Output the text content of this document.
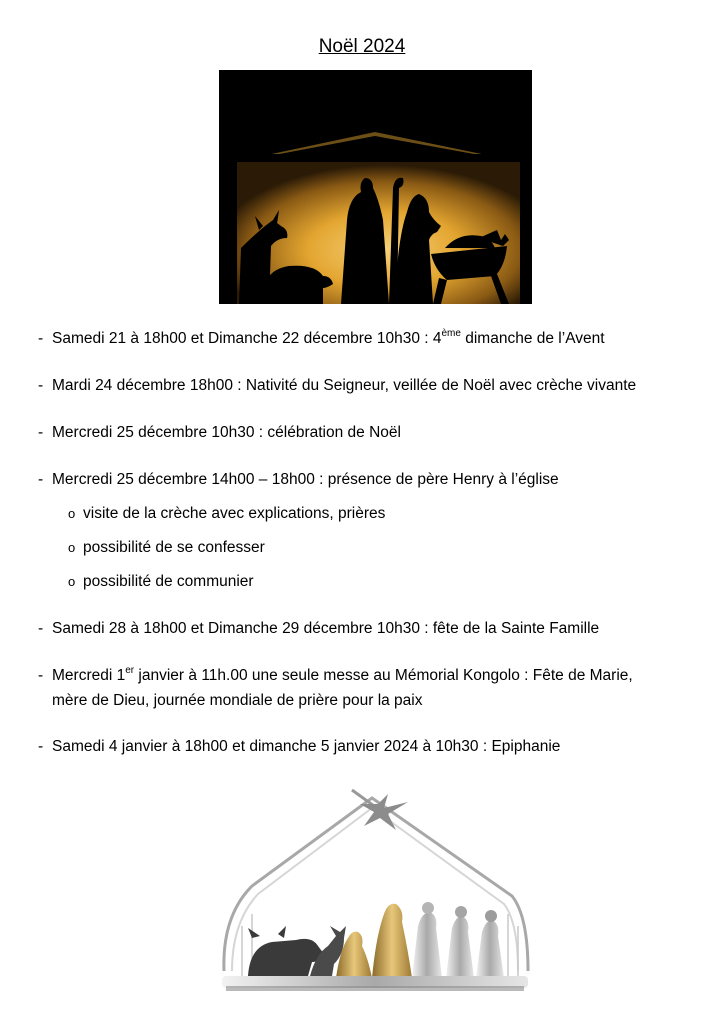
Noël 2024
- Samedi 21 à 18h00 et Dimanche 22 décembre 10h30 : 4ème dimanche de l’Avent
- Mardi 24 décembre 18h00 : Nativité du Seigneur, veillée de Noël avec crèche vivante
- Mercredi 25 décembre 10h30 : célébration de Noël
- Mercredi 25 décembre 14h00 – 18h00 : présence de père Henry à l’église
o visite de la crèche avec explications, prières
o possibilité de se confesser
o possibilité de communier
- Samedi 28 à 18h00 et Dimanche 29 décembre 10h30 : fête de la Sainte Famille
- Mercredi 1er janvier à 11h.00 une seule messe au Mémorial Kongolo : Fête de Marie,
mère de Dieu, journée mondiale de prière pour la paix
- Samedi 4 janvier à 18h00 et dimanche 5 janvier 2024 à 10h30 : Epiphanie
